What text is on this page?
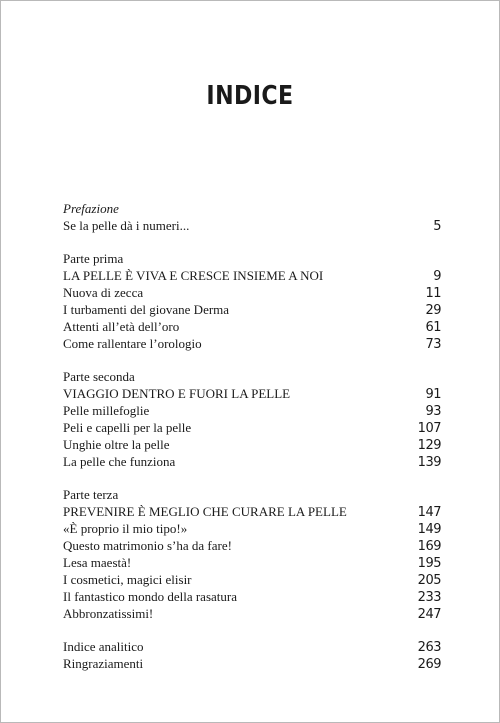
INDICE
Prefazione
Se la pelle dà i numeri...	5
Parte prima
LA PELLE È VIVA E CRESCE INSIEME A NOI	9
Nuova di zecca	11
I turbamenti del giovane Derma	29
Attenti all’età dell’oro	61
Come rallentare l’orologio	73
Parte seconda
VIAGGIO DENTRO E FUORI LA PELLE	91
Pelle millefoglie	93
Peli e capelli per la pelle	107
Unghie oltre la pelle	129
La pelle che funziona	139
Parte terza
PREVENIRE È MEGLIO CHE CURARE LA PELLE	147
«È proprio il mio tipo!»	149
Questo matrimonio s’ha da fare!	169
Lesa maestà!	195
I cosmetici, magici elisir	205
Il fantastico mondo della rasatura	233
Abbronzatissimi!	247
Indice analitico	263
Ringraziamenti	269
